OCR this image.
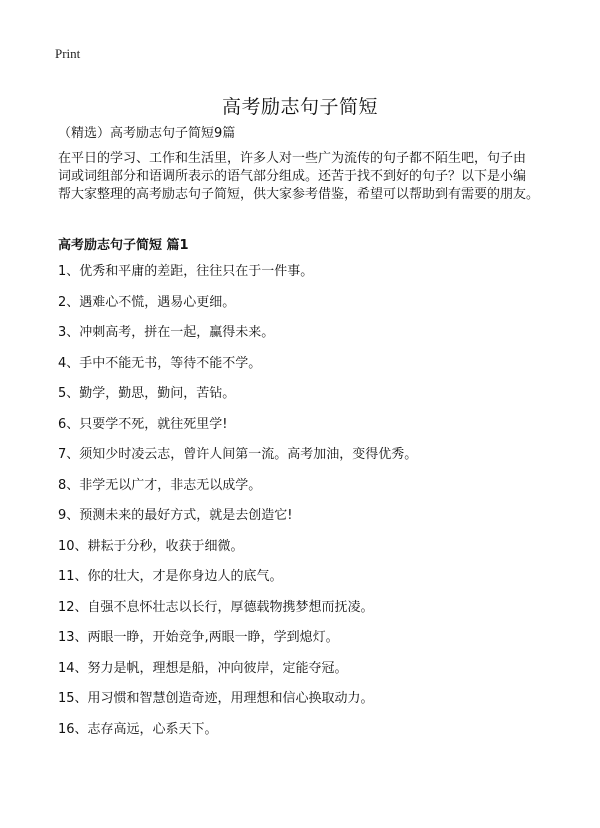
Print
高考励志句子简短
（精选）高考励志句子简短9篇
在平日的学习、工作和生活里，许多人对一些广为流传的句子都不陌生吧，句子由
词或词组部分和语调所表示的语气部分组成。还苦于找不到好的句子？以下是小编
帮大家整理的高考励志句子简短，供大家参考借鉴，希望可以帮助到有需要的朋友。
高考励志句子简短 篇1
1、优秀和平庸的差距，往往只在于一件事。
2、遇难心不慌，遇易心更细。
3、冲刺高考，拼在一起，赢得未来。
4、手中不能无书，等待不能不学。
5、勤学，勤思，勤问，苦钻。
6、只要学不死，就往死里学!
7、须知少时凌云志，曾许人间第一流。高考加油，变得优秀。
8、非学无以广才，非志无以成学。
9、预测未来的最好方式，就是去创造它!
10、耕耘于分秒，收获于细微。
11、你的壮大，才是你身边人的底气。
12、自强不息怀壮志以长行，厚德载物携梦想而抚凌。
13、两眼一睁，开始竞争,两眼一睁，学到熄灯。
14、努力是帆，理想是船，冲向彼岸，定能夺冠。
15、用习惯和智慧创造奇迹，用理想和信心换取动力。
16、志存高远，心系天下。
